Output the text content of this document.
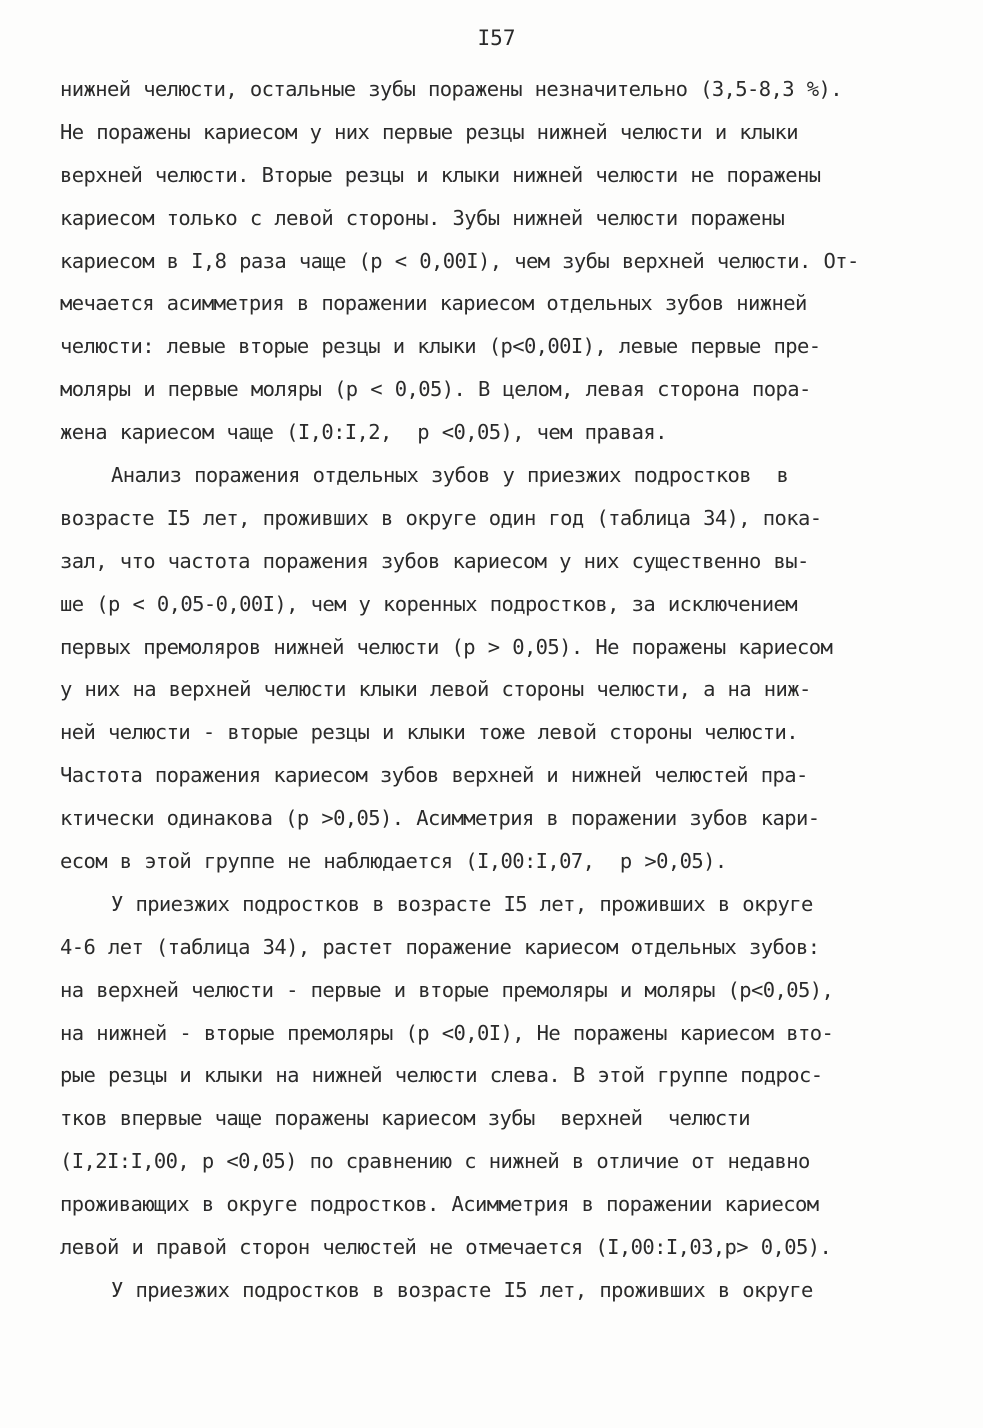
I57
нижней челюсти, остальные зубы поражены незначительно (3,5-8,3 %).
Не поражены кариесом у них первые резцы нижней челюсти и клыки
верхней челюсти. Вторые резцы и клыки нижней челюсти не поражены
кариесом только с левой стороны. Зубы нижней челюсти поражены
кариесом в I,8 раза чаще (p < 0,00I), чем зубы верхней челюсти. От-
мечается асимметрия в поражении кариесом отдельных зубов нижней
челюсти: левые вторые резцы и клыки (p<0,00I), левые первые пре-
моляры и первые моляры (p < 0,05). В целом, левая сторона пора-
жена кариесом чаще (I,0:I,2,  p <0,05), чем правая.
Анализ поражения отдельных зубов у приезжих подростков  в
возрасте I5 лет, проживших в округе один год (таблица 34), пока-
зал, что частота поражения зубов кариесом у них существенно вы-
ше (p < 0,05-0,00I), чем у коренных подростков, за исключением
первых премоляров нижней челюсти (p > 0,05). Не поражены кариесом
у них на верхней челюсти клыки левой стороны челюсти, а на ниж-
ней челюсти - вторые резцы и клыки тоже левой стороны челюсти.
Частота поражения кариесом зубов верхней и нижней челюстей пра-
ктически одинакова (p >0,05). Асимметрия в поражении зубов кари-
есом в этой группе не наблюдается (I,00:I,07,  p >0,05).
У приезжих подростков в возрасте I5 лет, проживших в округе
4-6 лет (таблица 34), растет поражение кариесом отдельных зубов:
на верхней челюсти - первые и вторые премоляры и моляры (p<0,05),
на нижней - вторые премоляры (p <0,0I), Не поражены кариесом вто-
рые резцы и клыки на нижней челюсти слева. В этой группе подрос-
тков впервые чаще поражены кариесом зубы  верхней  челюсти
(I,2I:I,00, p <0,05) по сравнению с нижней в отличие от недавно
проживающих в округе подростков. Асимметрия в поражении кариесом
левой и правой сторон челюстей не отмечается (I,00:I,03,p> 0,05).
У приезжих подростков в возрасте I5 лет, проживших в округе
